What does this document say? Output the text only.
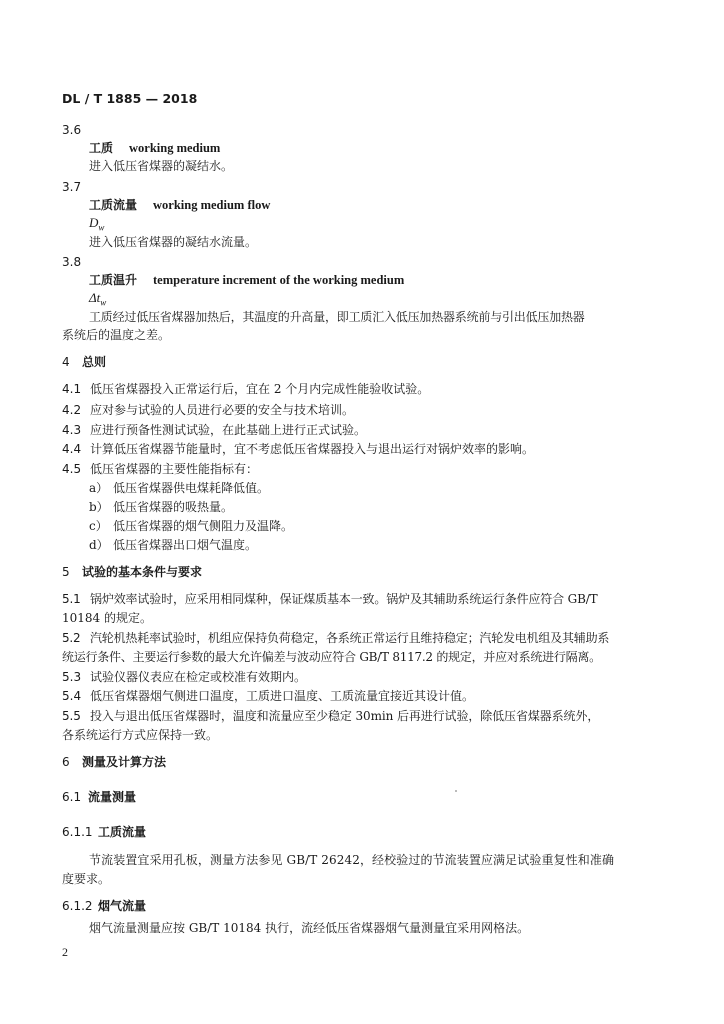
DL / T 1885 — 2018
3.6
工质 working medium
进入低压省煤器的凝结水。
3.7
工质流量 working medium flow
$D_w$
进入低压省煤器的凝结水流量。
3.8
工质温升 temperature increment of the working medium
$\Delta t_w$
工质经过低压省煤器加热后，其温度的升高量，即工质汇入低压加热器系统前与引出低压加热器
系统后的温度之差。
4 总则
4.1 低压省煤器投入正常运行后，宜在 2 个月内完成性能验收试验。
4.2 应对参与试验的人员进行必要的安全与技术培训。
4.3 应进行预备性测试试验，在此基础上进行正式试验。
4.4 计算低压省煤器节能量时，宜不考虑低压省煤器投入与退出运行对锅炉效率的影响。
4.5 低压省煤器的主要性能指标有：
a） 低压省煤器供电煤耗降低值。
b） 低压省煤器的吸热量。
c） 低压省煤器的烟气侧阻力及温降。
d） 低压省煤器出口烟气温度。
5 试验的基本条件与要求
5.1 锅炉效率试验时，应采用相同煤种，保证煤质基本一致。锅炉及其辅助系统运行条件应符合 GB/T
10184 的规定。
5.2 汽轮机热耗率试验时，机组应保持负荷稳定，各系统正常运行且维持稳定；汽轮发电机组及其辅助系
统运行条件、主要运行参数的最大允许偏差与波动应符合 GB/T 8117.2 的规定，并应对系统进行隔离。
5.3 试验仪器仪表应在检定或校准有效期内。
5.4 低压省煤器烟气侧进口温度，工质进口温度、工质流量宜接近其设计值。
5.5 投入与退出低压省煤器时，温度和流量应至少稳定 30min 后再进行试验，除低压省煤器系统外，
各系统运行方式应保持一致。
6 测量及计算方法
6.1 流量测量
6.1.1 工质流量
节流装置宜采用孔板，测量方法参见 GB/T 26242，经校验过的节流装置应满足试验重复性和准确
度要求。
6.1.2 烟气流量
烟气流量测量应按 GB/T 10184 执行，流经低压省煤器烟气量测量宜采用网格法。
2
